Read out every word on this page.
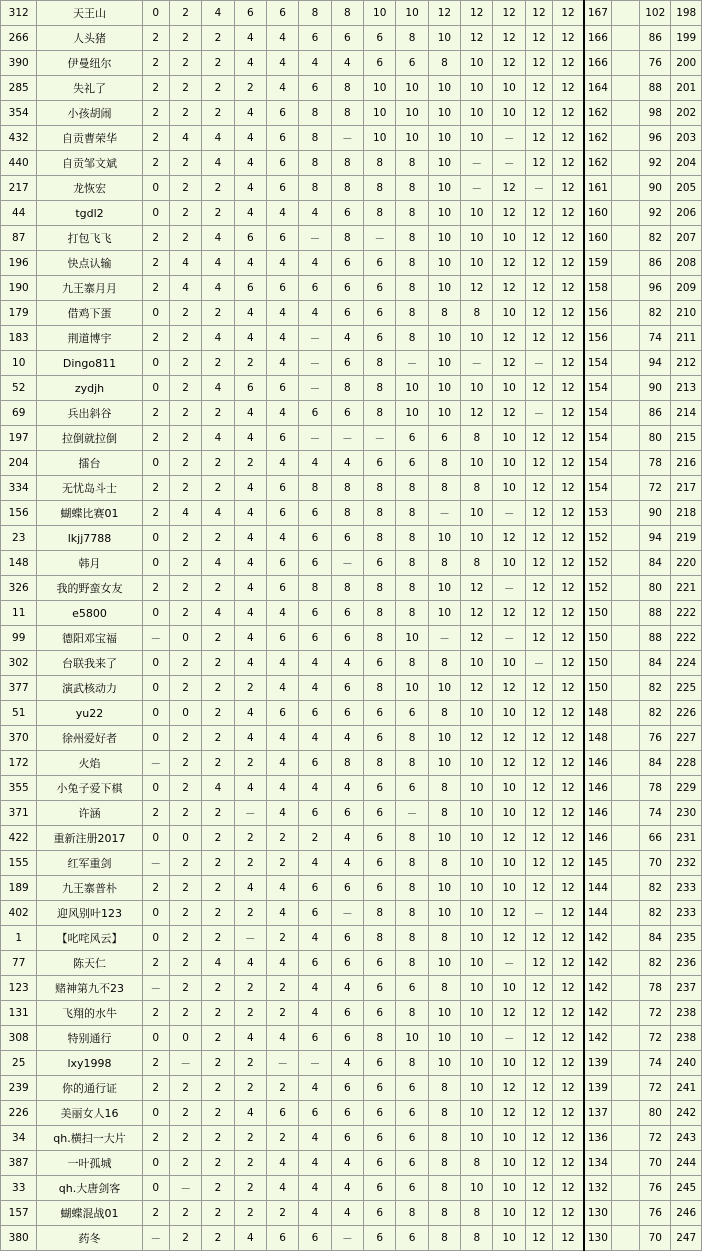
312	天王山	0	2	4	6	6	8	8	10	10	12	12	12	12	12	167		102	198
266	人头猪	2	2	2	4	4	6	6	6	8	10	12	12	12	12	166		86	199
390	伊曼纽尔	2	2	2	4	4	4	4	6	6	8	10	12	12	12	166		76	200
285	失礼了	2	2	2	2	4	6	8	10	10	10	10	10	12	12	164		88	201
354	小孩胡闹	2	2	2	4	6	8	8	10	10	10	10	10	12	12	162		98	202
432	自贡曹荣华	2	4	4	4	6	8	－	10	10	10	10	－	12	12	162		96	203
440	自贡邹文斌	2	2	4	4	6	8	8	8	8	10	－	－	12	12	162		92	204
217	龙恢宏	0	2	2	4	6	8	8	8	8	10	－	12	－	12	161		90	205
44	tgdl2	0	2	2	4	4	4	6	8	8	10	10	12	12	12	160		92	206
87	打包飞飞	2	2	4	6	6	－	8	－	8	10	10	10	12	12	160		82	207
196	快点认输	2	4	4	4	4	4	6	6	8	10	10	12	12	12	159		86	208
190	九王寨月月	2	4	4	6	6	6	6	6	8	10	12	12	12	12	158		96	209
179	借鸡下蛋	0	2	2	4	4	4	6	6	8	8	8	10	12	12	156		82	210
183	荆道博宇	2	2	4	4	4	－	4	6	8	10	10	12	12	12	156		74	211
10	Dingo811	0	2	2	2	4	－	6	8	－	10	－	12	－	12	154		94	212
52	zydjh	0	2	4	6	6	－	8	8	10	10	10	10	12	12	154		90	213
69	兵出斜谷	2	2	2	4	4	6	6	8	10	10	12	12	－	12	154		86	214
197	拉倒就拉倒	2	2	4	4	6	－	－	－	6	6	8	10	12	12	154		80	215
204	擂台	0	2	2	2	4	4	4	6	6	8	10	10	12	12	154		78	216
334	无忧岛斗士	2	2	2	4	6	8	8	8	8	8	8	10	12	12	154		72	217
156	蝴蝶比赛01	2	4	4	4	6	6	8	8	8	－	10	－	12	12	153		90	218
23	lkjj7788	0	2	2	4	4	6	6	8	8	10	10	12	12	12	152		94	219
148	韩月	0	2	4	4	6	6	－	6	8	8	8	10	12	12	152		84	220
326	我的野蛮女友	2	2	2	4	6	8	8	8	8	10	12	－	12	12	152		80	221
11	e5800	0	2	4	4	4	6	6	8	8	10	12	12	12	12	150		88	222
99	德阳邓宝福	－	0	2	4	6	6	6	8	10	－	12	－	12	12	150		88	222
302	台联我来了	0	2	2	4	4	4	4	6	8	8	10	10	－	12	150		84	224
377	演武核动力	0	2	2	2	4	4	6	8	10	10	12	12	12	12	150		82	225
51	yu22	0	0	2	4	6	6	6	6	6	8	10	10	12	12	148		82	226
370	徐州爱好者	0	2	2	4	4	4	4	6	8	10	12	12	12	12	148		76	227
172	火焰	－	2	2	2	4	6	8	8	8	10	10	12	12	12	146		84	228
355	小兔子爱下棋	0	2	4	4	4	4	4	6	6	8	10	10	12	12	146		78	229
371	许涵	2	2	2	－	4	6	6	6	－	8	10	10	12	12	146		74	230
422	重新注册2017	0	0	2	2	2	2	4	6	8	10	10	12	12	12	146		66	231
155	红军重剑	－	2	2	2	2	4	4	6	8	8	10	10	12	12	145		70	232
189	九王寨普朴	2	2	2	4	4	6	6	6	8	10	10	10	12	12	144		82	233
402	迎风别叶123	0	2	2	2	4	6	－	8	8	10	10	12	－	12	144		82	233
1	【叱咤风云】	0	2	2	－	2	4	6	8	8	8	10	12	12	12	142		84	235
77	陈天仁	2	2	4	4	4	6	6	6	8	10	10	－	12	12	142		82	236
123	赌神第九不23	－	2	2	2	2	4	4	6	6	8	10	10	12	12	142		78	237
131	飞翔的水牛	2	2	2	2	2	4	6	6	8	10	10	12	12	12	142		72	238
308	特别通行	0	0	2	4	4	6	6	8	10	10	10	－	12	12	142		72	238
25	lxy1998	2	－	2	2	－	－	4	6	8	10	10	10	12	12	139		74	240
239	你的通行证	2	2	2	2	2	4	6	6	6	8	10	12	12	12	139		72	241
226	美丽女人16	0	2	2	4	6	6	6	6	6	8	10	12	12	12	137		80	242
34	qh.横扫一大片	2	2	2	2	2	4	6	6	6	8	10	10	12	12	136		72	243
387	一叶孤城	0	2	2	2	4	4	4	6	6	8	8	10	12	12	134		70	244
33	qh.大唐剑客	0	－	2	2	4	4	4	6	6	8	10	10	12	12	132		76	245
157	蝴蝶混战01	2	2	2	2	2	4	4	6	8	8	8	10	12	12	130		76	246
380	药冬	－	2	2	4	6	6	－	6	6	8	8	10	12	12	130		70	247
